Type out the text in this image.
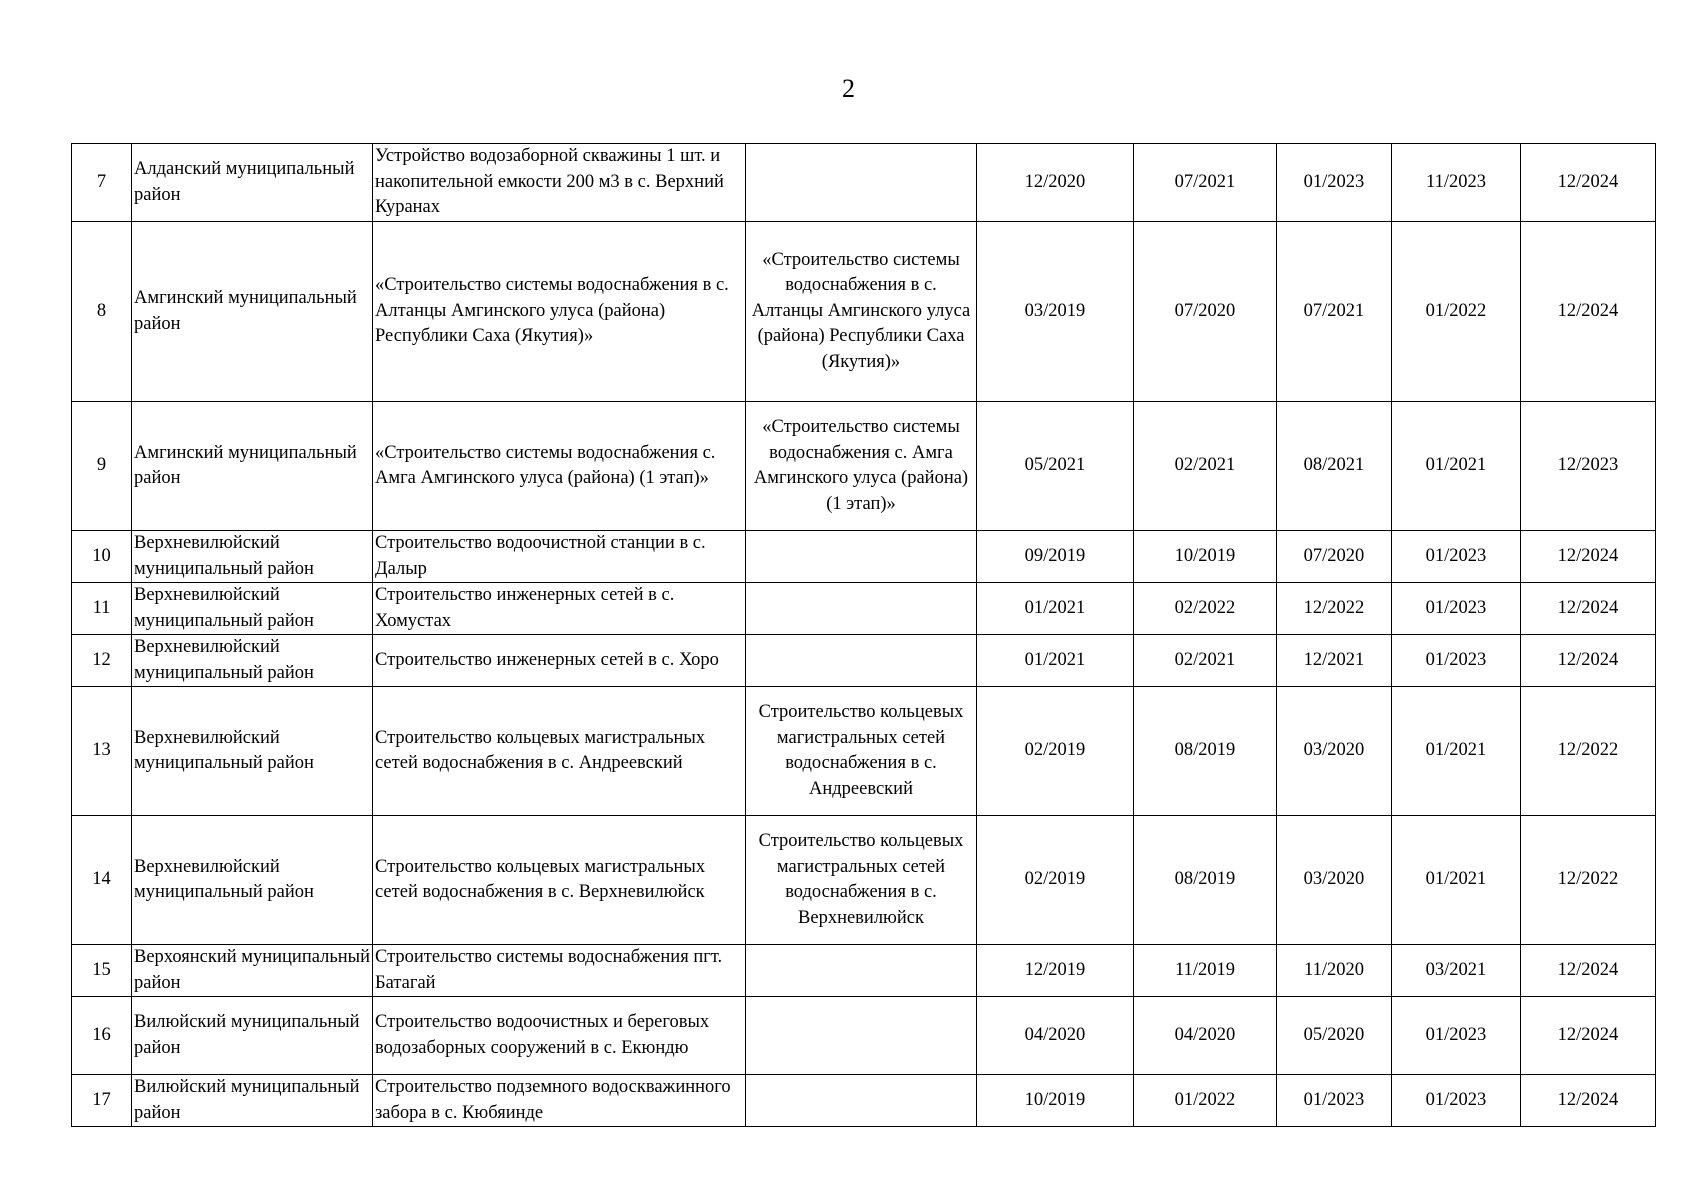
2
7	Алданский муниципальный район	Устройство водозаборной скважины 1 шт. и накопительной емкости 200 м3 в с. Верхний Куранах		12/2020	07/2021	01/2023	11/2023	12/2024
8	Амгинский муниципальный район	«Строительство системы водоснабжения в с. Алтанцы Амгинского улуса (района) Республики Саха (Якутия)»	«Строительство системы водоснабжения в с. Алтанцы Амгинского улуса (района) Республики Саха (Якутия)»	03/2019	07/2020	07/2021	01/2022	12/2024
9	Амгинский муниципальный район	«Строительство системы водоснабжения с. Амга Амгинского улуса (района) (1 этап)»	«Строительство системы водоснабжения с. Амга Амгинского улуса (района) (1 этап)»	05/2021	02/2021	08/2021	01/2021	12/2023
10	Верхневилюйский муниципальный район	Строительство водоочистной станции в с. Далыр		09/2019	10/2019	07/2020	01/2023	12/2024
11	Верхневилюйский муниципальный район	Строительство инженерных сетей в с. Хомустах		01/2021	02/2022	12/2022	01/2023	12/2024
12	Верхневилюйский муниципальный район	Строительство инженерных сетей в с. Хоро		01/2021	02/2021	12/2021	01/2023	12/2024
13	Верхневилюйский муниципальный район	Строительство кольцевых магистральных сетей водоснабжения в с. Андреевский	Строительство кольцевых магистральных сетей водоснабжения в с. Андреевский	02/2019	08/2019	03/2020	01/2021	12/2022
14	Верхневилюйский муниципальный район	Строительство кольцевых магистральных сетей водоснабжения в с. Верхневилюйск	Строительство кольцевых магистральных сетей водоснабжения в с. Верхневилюйск	02/2019	08/2019	03/2020	01/2021	12/2022
15	Верхоянский муниципальный район	Строительство системы водоснабжения пгт. Батагай		12/2019	11/2019	11/2020	03/2021	12/2024
16	Вилюйский муниципальный район	Строительство водоочистных и береговых водозаборных сооружений в с. Екюндю		04/2020	04/2020	05/2020	01/2023	12/2024
17	Вилюйский муниципальный район	Строительство подземного водоскважинного забора в с. Кюбяинде		10/2019	01/2022	01/2023	01/2023	12/2024
